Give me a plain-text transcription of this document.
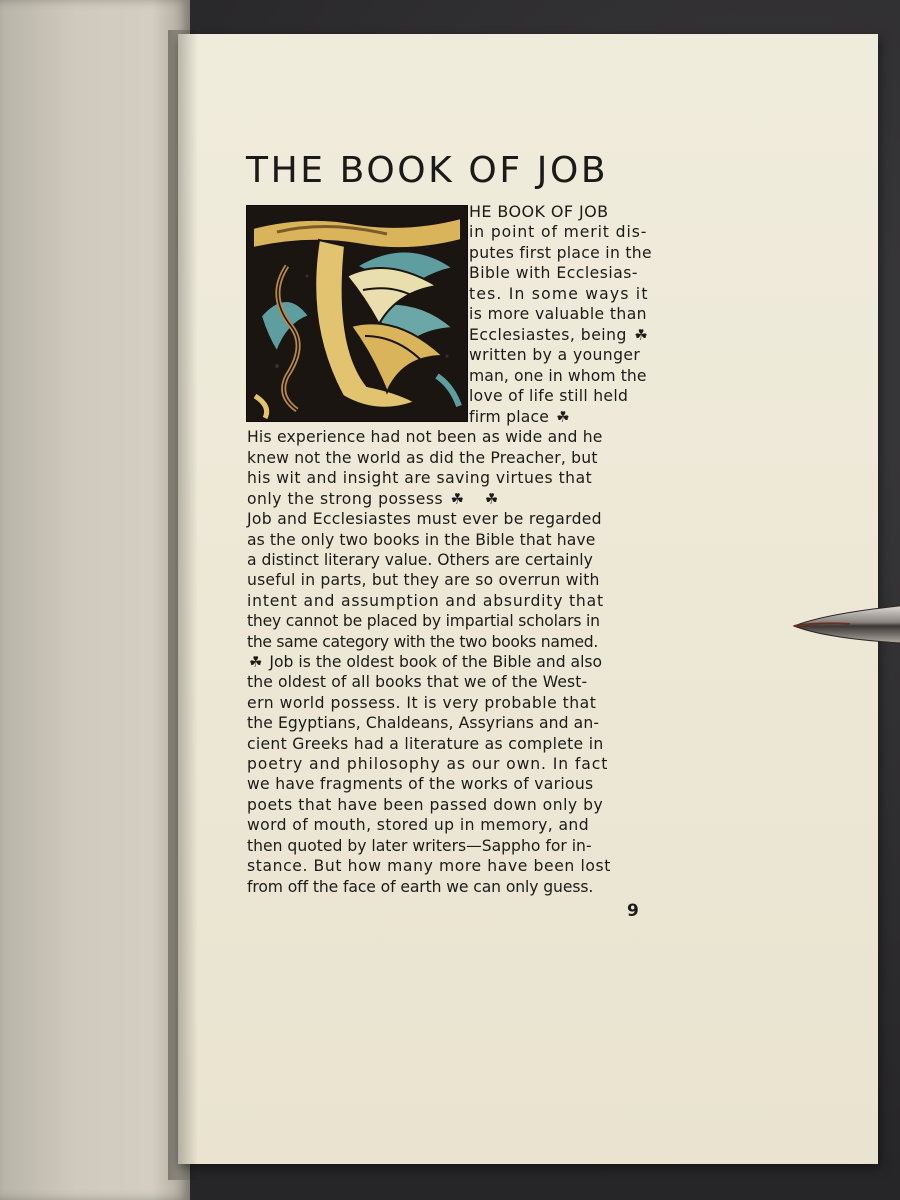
THE BOOK OF JOB
HE BOOK OF JOB
in point of merit dis-
putes first place in the
Bible with Ecclesias-
tes. In some ways it
is more valuable than
Ecclesiastes, being ☘
written by a younger
man, one in whom the
love of life still held
firm place ☘
His experience had not been as wide and he
knew not the world as did the Preacher, but
his wit and insight are saving virtues that
only the strong possess ☘ ☘
Job and Ecclesiastes must ever be regarded
as the only two books in the Bible that have
a distinct literary value. Others are certainly
useful in parts, but they are so overrun with
intent and assumption and absurdity that
they cannot be placed by impartial scholars in
the same category with the two books named.
☘ Job is the oldest book of the Bible and also
the oldest of all books that we of the West-
ern world possess. It is very probable that
the Egyptians, Chaldeans, Assyrians and an-
cient Greeks had a literature as complete in
poetry and philosophy as our own. In fact
we have fragments of the works of various
poets that have been passed down only by
word of mouth, stored up in memory, and
then quoted by later writers—Sappho for in-
stance. But how many more have been lost
from off the face of earth we can only guess.
9
